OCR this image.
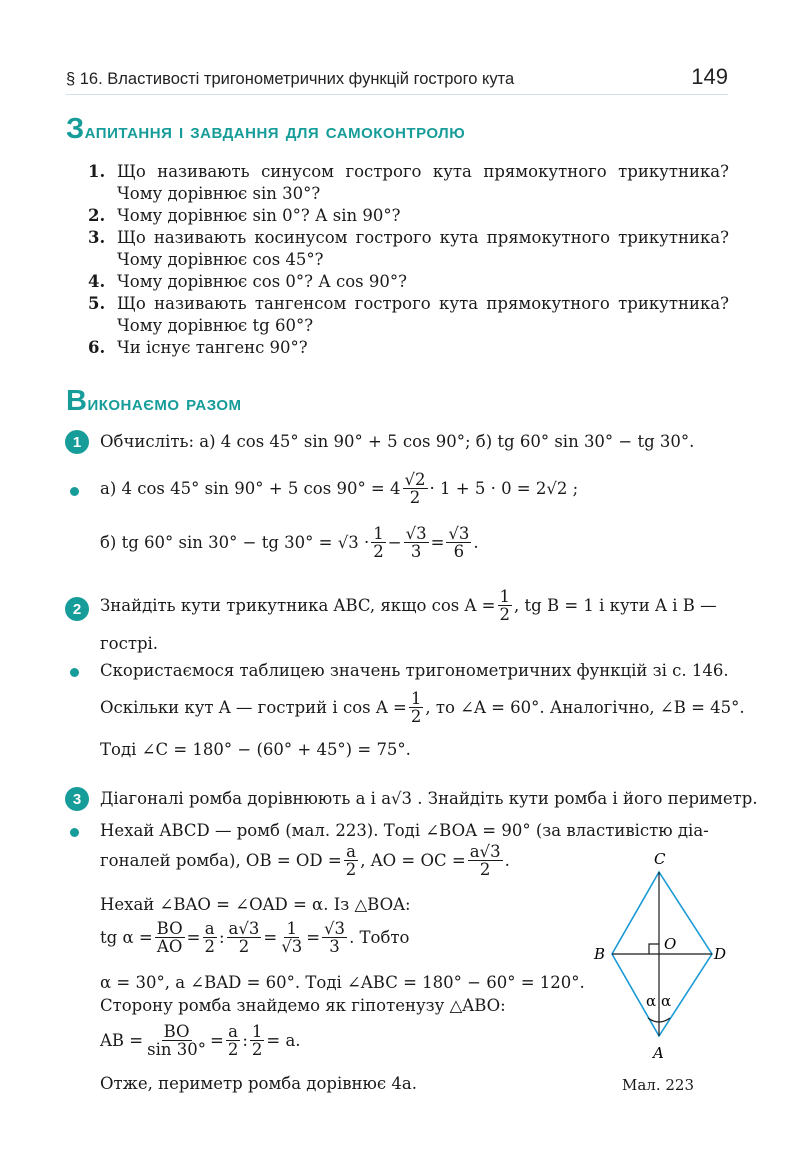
§ 16. Властивості тригонометричних функцій гострого кута	149
Запитання і завдання для самоконтролю
1. Що називають синусом гострого кута прямокутного трикутника? Чому дорівнює sin 30°?
2. Чому дорівнює sin 0°? А sin 90°?
3. Що називають косинусом гострого кута прямокутного трикутника? Чому дорівнює cos 45°?
4. Чому дорівнює cos 0°? А cos 90°?
5. Що називають тангенсом гострого кута прямокутного трикутника? Чому дорівнює tg 60°?
6. Чи існує тангенс 90°?
Виконаємо разом
1	Обчисліть: а) 4 cos 45° sin 90° + 5 cos 90°; б) tg 60° sin 30° − tg 30°.
а) 4 cos 45° sin 90° + 5 $\cos 90^\circ = 4 \frac{√2}{2} \cdot 1 + 5 \cdot 0 = 2√2$ ;
б) tg 60° sin 30° − tg $30^\circ = √3 \cdot \frac{1}{2} - \frac{√3}{3} = \frac{√3}{6}$ .
2	Знайдіть кути трикутника ABC, якщо $\cos A = \frac{1}{2}$ , tg B = 1 і кути A і B —
гострі.
Скористаємося таблицею значень тригонометричних функцій зі с. 146.
Оскільки кут A — гострий і $\cos A = \frac{1}{2}$ , то ∠A = 60°. Аналогічно, ∠B = 45°.
Тоді ∠C = 180° − (60° + 45°) = 75°.
3	Діагоналі ромба дорівнюють a і a√3 . Знайдіть кути ромба і його периметр.
Нехай ABCD — ромб (мал. 223). Тоді ∠BOA = 90° (за властивістю діа-
гоналей ромба), OB = OD = $\frac{a}{2}$ , AO = OC = $\frac{a√3}{2}$ .
Нехай ∠BAO = ∠OAD = α. Із △BOA:
tg $\alpha = \frac{BO}{AO} = \frac{a}{2}$ : $\frac{a√3}{2} = \frac{1}{√3} = \frac{√3}{3}$ . Тобто
α = 30°, а ∠BAD = 60°. Тоді ∠ABC = 180° − 60° = 120°.
Сторону ромба знайдемо як гіпотенузу △ABO:
AB = $\frac{BO}{\sin 30^\circ} = \frac{a}{2}$ : $\frac{1}{2} = a$.
Отже, периметр ромба дорівнює 4a.
C
B	D
O
A
α α
Мал. 223
